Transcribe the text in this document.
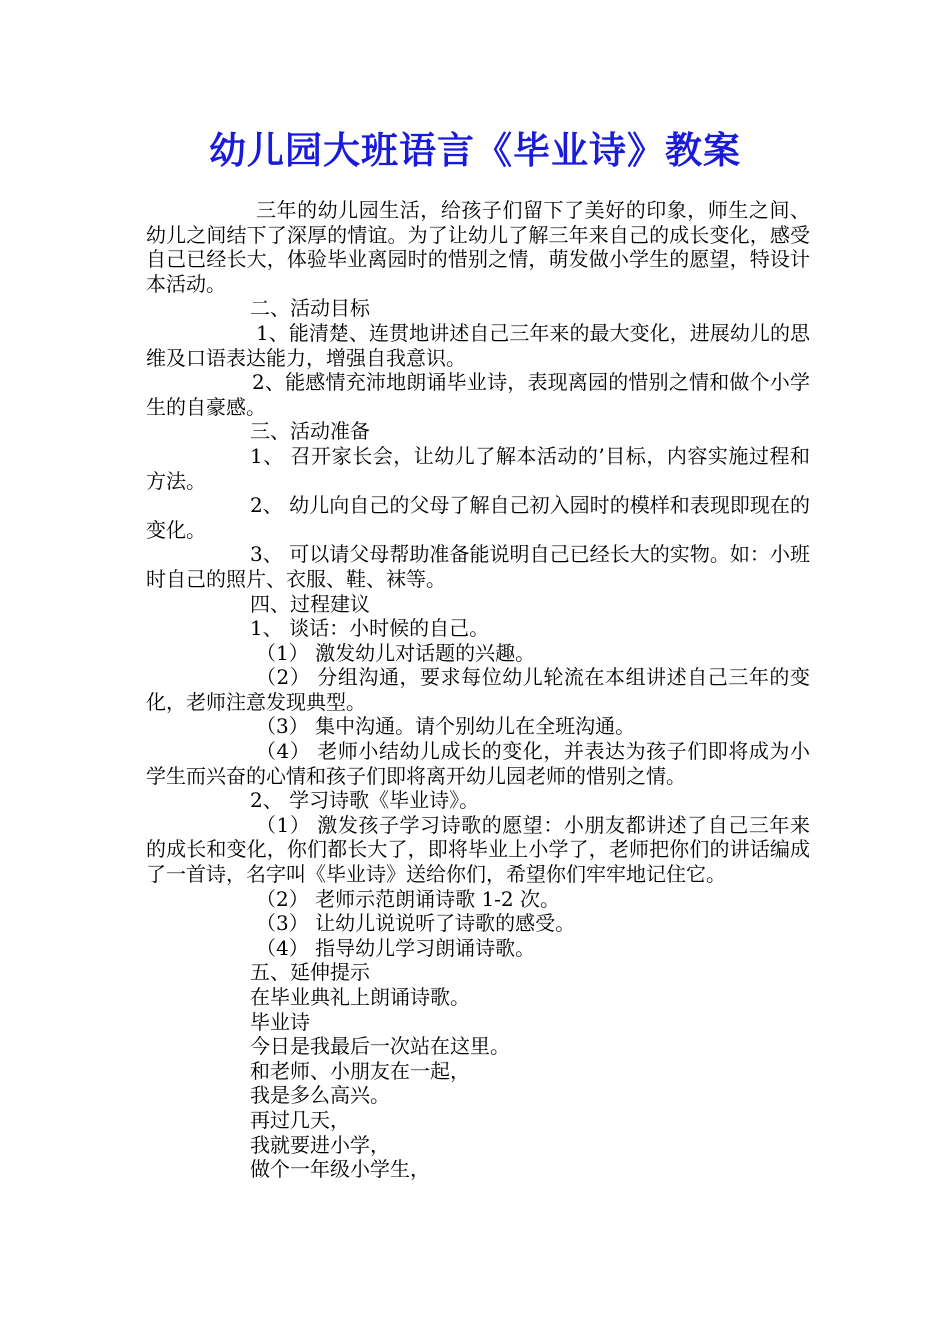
幼儿园大班语言《毕业诗》教案

三年的幼儿园生活，给孩子们留下了美好的印象，师生之间、幼儿之间结下了深厚的情谊。为了让幼儿了解三年来自己的成长变化，感受自己已经长大，体验毕业离园时的惜别之情，萌发做小学生的愿望，特设计本活动。

二、活动目标

1、能清楚、连贯地讲述自己三年来的最大变化，进展幼儿的思维及口语表达能力，增强自我意识。

2、能感情充沛地朗诵毕业诗，表现离园的惜别之情和做个小学生的自豪感。

三、活动准备

1、 召开家长会，让幼儿了解本活动的’目标，内容实施过程和方法。

2、 幼儿向自己的父母了解自己初入园时的模样和表现即现在的变化。

3、 可以请父母帮助准备能说明自己已经长大的实物。如：小班时自己的照片、衣服、鞋、袜等。

四、过程建议

1、 谈话：小时候的自己。

（1） 激发幼儿对话题的兴趣。

（2） 分组沟通，要求每位幼儿轮流在本组讲述自己三年的变化，老师注意发现典型。

（3） 集中沟通。请个别幼儿在全班沟通。

（4） 老师小结幼儿成长的变化，并表达为孩子们即将成为小学生而兴奋的心情和孩子们即将离开幼儿园老师的惜别之情。

2、 学习诗歌《毕业诗》。

（1） 激发孩子学习诗歌的愿望：小朋友都讲述了自己三年来的成长和变化，你们都长大了，即将毕业上小学了，老师把你们的讲话编成了一首诗，名字叫《毕业诗》送给你们，希望你们牢牢地记住它。

（2） 老师示范朗诵诗歌 1-2 次。

（3） 让幼儿说说听了诗歌的感受。

（4） 指导幼儿学习朗诵诗歌。

五、延伸提示

在毕业典礼上朗诵诗歌。

毕业诗

今日是我最后一次站在这里。

和老师、小朋友在一起，

我是多么高兴。

再过几天，

我就要进小学，

做个一年级小学生，
